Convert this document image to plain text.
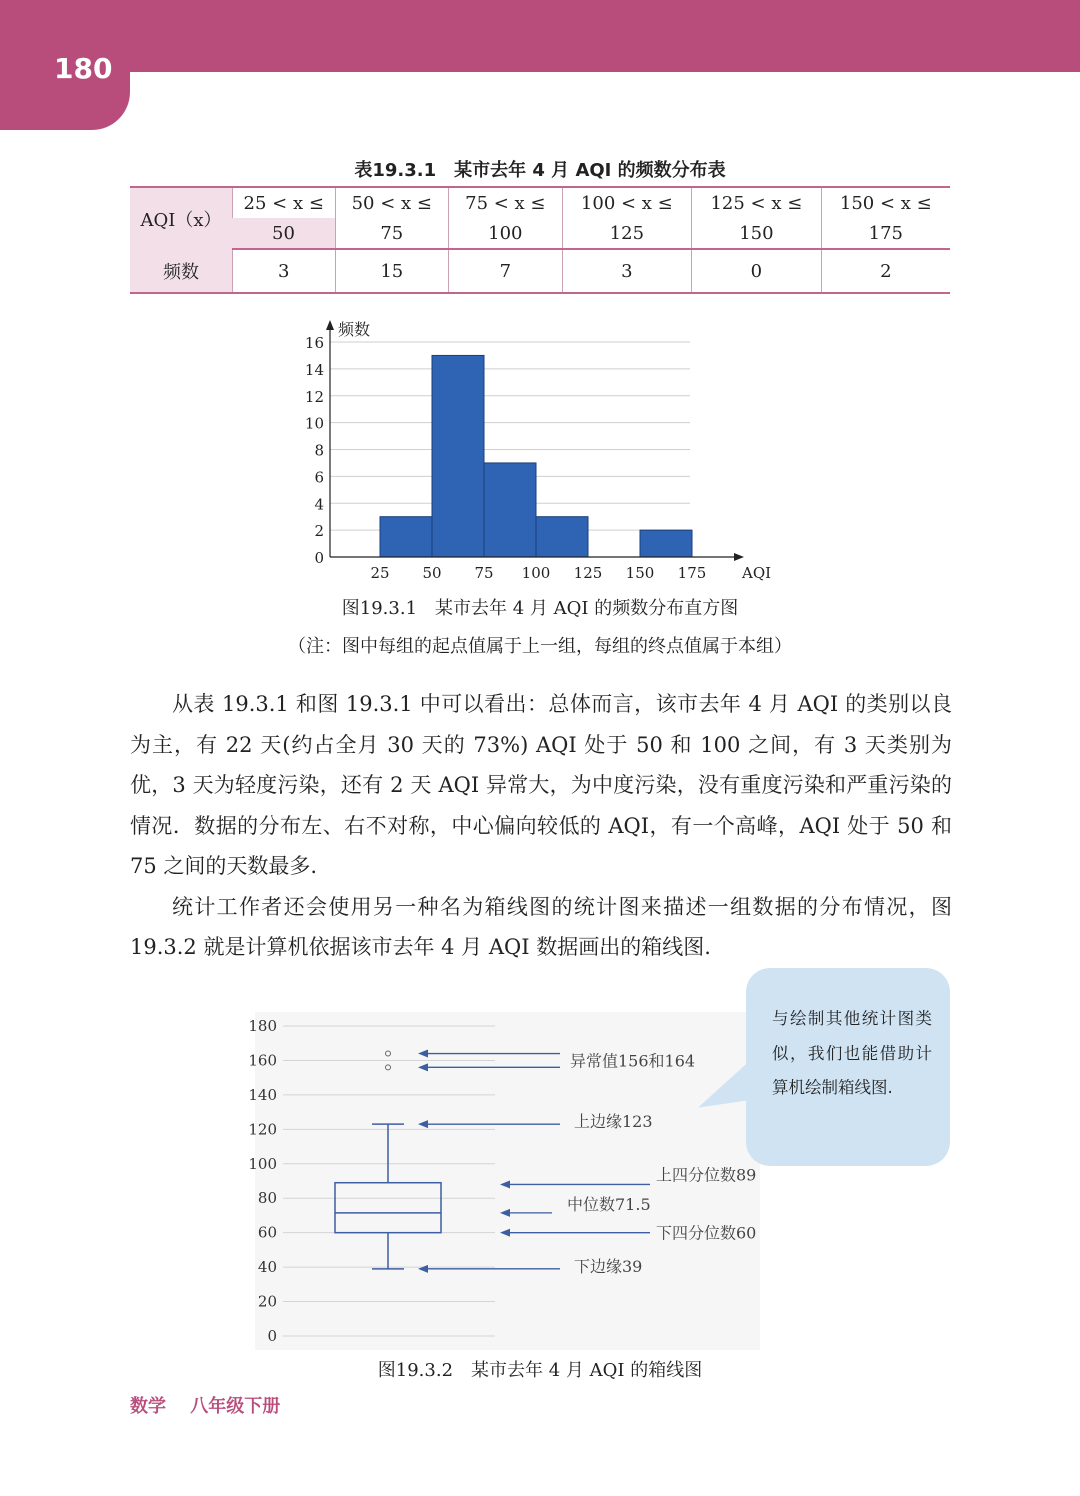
180
表19.3.1　某市去年 4 月 AQI 的频数分布表
AQI（x）	25 < x ≤	50 < x ≤	75 < x ≤	100 < x ≤	125 < x ≤	150 < x ≤
	50	75	100	125	150	175
频数	3	15	7	3	0	2
0
2
4
6
8
10
12
14
16
25 50 75 100 125 150 175 AQI
频数
图19.3.1　某市去年 4 月 AQI 的频数分布直方图
（注：图中每组的起点值属于上一组，每组的终点值属于本组）

从表 19.3.1 和图 19.3.1 中可以看出：总体而言，该市去年 4 月 AQI 的类别以良为主，有 22 天(约占全月 30 天的 73%) AQI 处于 50 和 100 之间，有 3 天类别为优，3 天为轻度污染，还有 2 天 AQI 异常大，为中度污染，没有重度污染和严重污染的情况．数据的分布左、右不对称，中心偏向较低的 AQI，有一个高峰，AQI 处于 50 和 75 之间的天数最多.

统计工作者还会使用另一种名为箱线图的统计图来描述一组数据的分布情况，图 19.3.2 就是计算机依据该市去年 4 月 AQI 数据画出的箱线图.

0
20
40
60
80
100
120
140
160
180
异常值156和164
上边缘123
上四分位数89
中位数71.5
下四分位数60
下边缘39
与绘制其他统计图类似，我们也能借助计算机绘制箱线图.
图19.3.2　某市去年 4 月 AQI 的箱线图
数学 八年级下册
